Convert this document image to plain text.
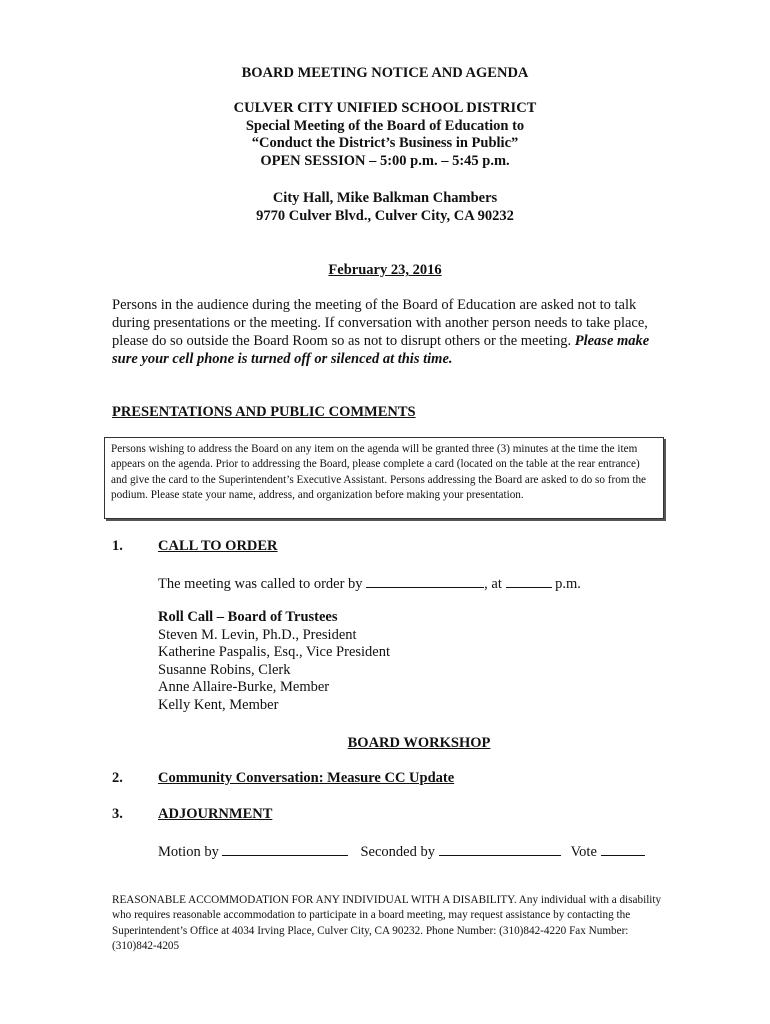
BOARD MEETING NOTICE AND AGENDA
CULVER CITY UNIFIED SCHOOL DISTRICT
Special Meeting of the Board of Education to
“Conduct the District’s Business in Public”
OPEN SESSION – 5:00 p.m. – 5:45 p.m.
City Hall, Mike Balkman Chambers
9770 Culver Blvd., Culver City, CA 90232
February 23, 2016
Persons in the audience during the meeting of the Board of Education are asked not to talk during presentations or the meeting. If conversation with another person needs to take place, please do so outside the Board Room so as not to disrupt others or the meeting. Please make sure your cell phone is turned off or silenced at this time.
PRESENTATIONS AND PUBLIC COMMENTS
Persons wishing to address the Board on any item on the agenda will be granted three (3) minutes at the time the item appears on the agenda. Prior to addressing the Board, please complete a card (located on the table at the rear entrance) and give the card to the Superintendent’s Executive Assistant. Persons addressing the Board are asked to do so from the podium. Please state your name, address, and organization before making your presentation.
1. CALL TO ORDER
The meeting was called to order by	, at	p.m.
Roll Call – Board of Trustees
Steven M. Levin, Ph.D., President
Katherine Paspalis, Esq., Vice President
Susanne Robins, Clerk
Anne Allaire-Burke, Member
Kelly Kent, Member
BOARD WORKSHOP
2. Community Conversation: Measure CC Update
3. ADJOURNMENT
Motion by	Seconded by	Vote
REASONABLE ACCOMMODATION FOR ANY INDIVIDUAL WITH A DISABILITY. Any individual with a disability who requires reasonable accommodation to participate in a board meeting, may request assistance by contacting the Superintendent’s Office at 4034 Irving Place, Culver City, CA 90232. Phone Number: (310)842-4220 Fax Number: (310)842-4205
